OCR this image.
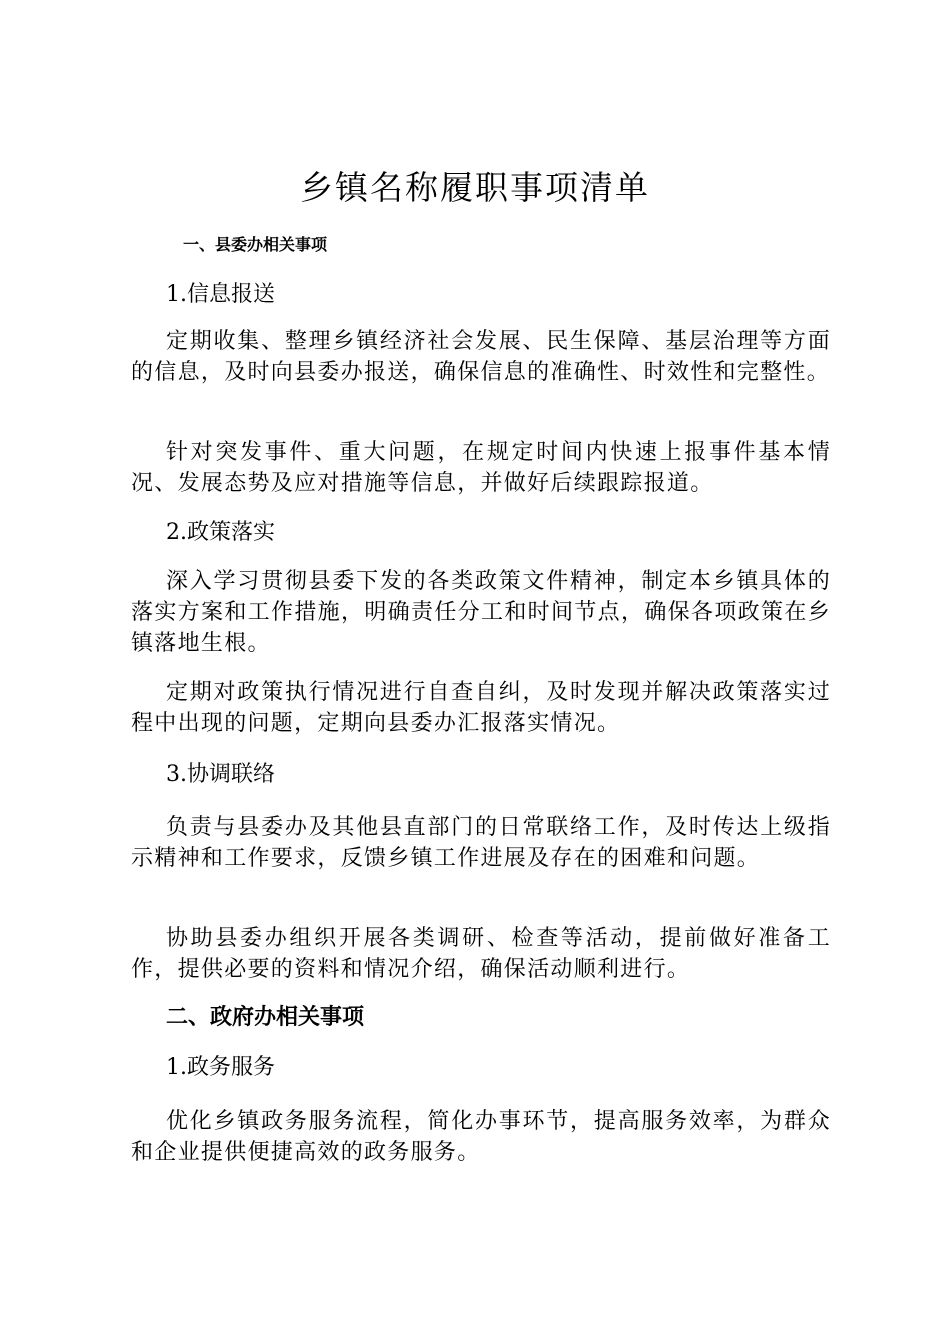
乡镇名称履职事项清单
一、县委办相关事项

1.信息报送

定期收集、整理乡镇经济社会发展、民生保障、基层治理等方面的信息，及时向县委办报送，确保信息的准确性、时效性和完整性。

针对突发事件、重大问题，在规定时间内快速上报事件基本情况、发展态势及应对措施等信息，并做好后续跟踪报道。

2.政策落实

深入学习贯彻县委下发的各类政策文件精神，制定本乡镇具体的落实方案和工作措施，明确责任分工和时间节点，确保各项政策在乡镇落地生根。

定期对政策执行情况进行自查自纠，及时发现并解决政策落实过程中出现的问题，定期向县委办汇报落实情况。

3.协调联络

负责与县委办及其他县直部门的日常联络工作，及时传达上级指示精神和工作要求，反馈乡镇工作进展及存在的困难和问题。

协助县委办组织开展各类调研、检查等活动，提前做好准备工作，提供必要的资料和情况介绍，确保活动顺利进行。

二、政府办相关事项

1.政务服务

优化乡镇政务服务流程，简化办事环节，提高服务效率，为群众和企业提供便捷高效的政务服务。
